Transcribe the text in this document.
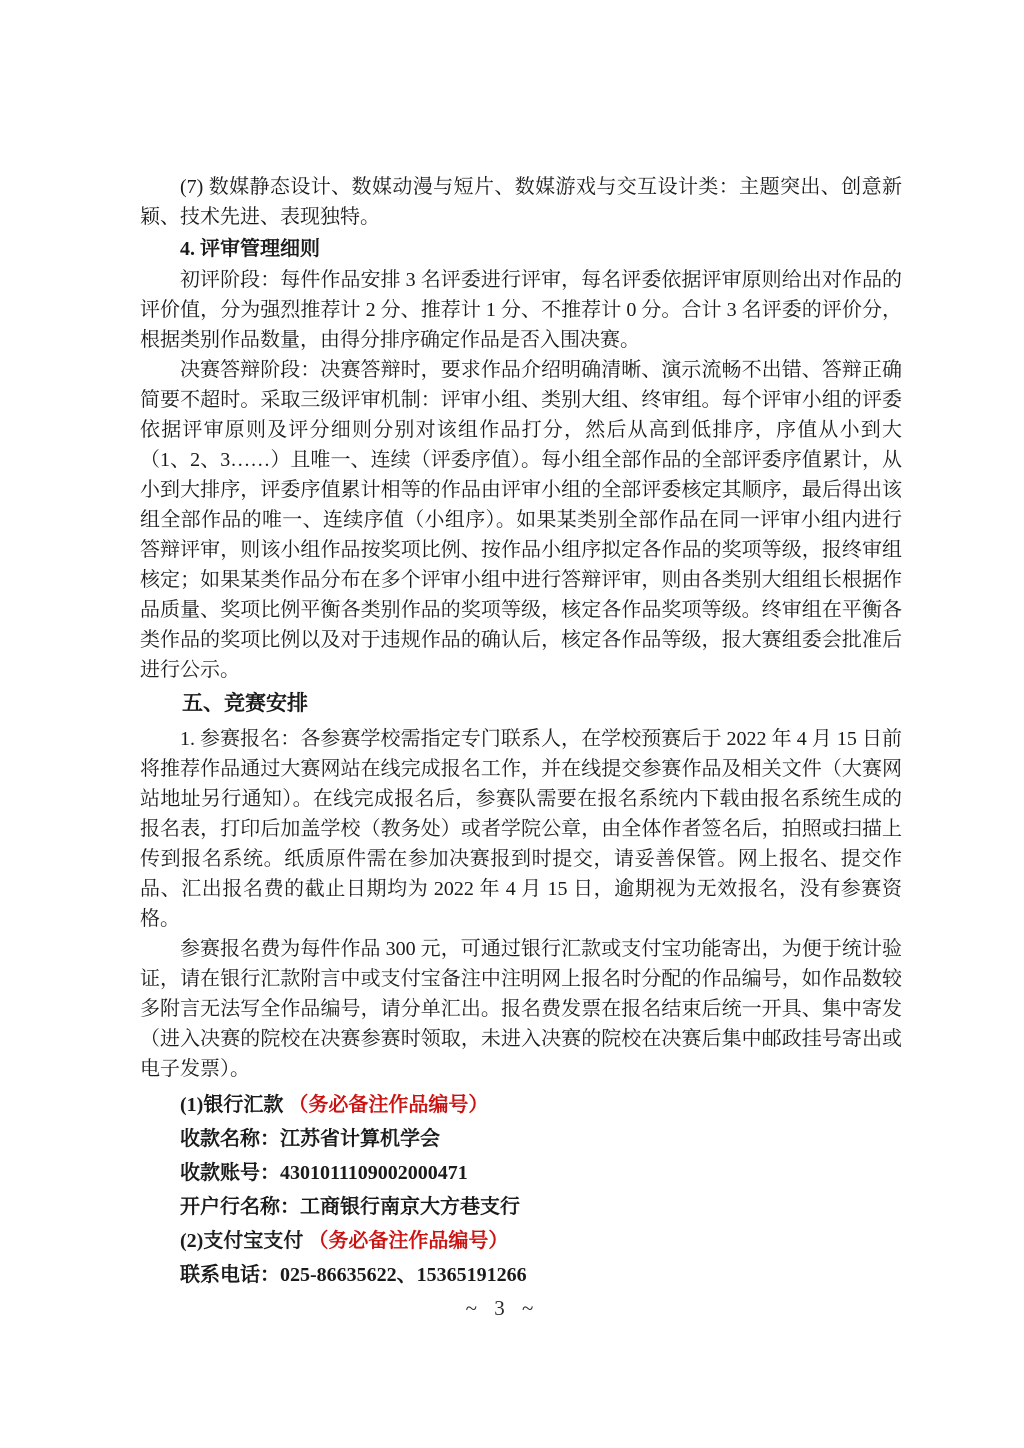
(7) 数媒静态设计、数媒动漫与短片、数媒游戏与交互设计类：主题突出、创意新颖、技术先进、表现独特。

4. 评审管理细则

初评阶段：每件作品安排 3 名评委进行评审，每名评委依据评审原则给出对作品的评价值，分为强烈推荐计 2 分、推荐计 1 分、不推荐计 0 分。合计 3 名评委的评价分，根据类别作品数量，由得分排序确定作品是否入围决赛。

决赛答辩阶段：决赛答辩时，要求作品介绍明确清晰、演示流畅不出错、答辩正确简要不超时。采取三级评审机制：评审小组、类别大组、终审组。每个评审小组的评委依据评审原则及评分细则分别对该组作品打分，然后从高到低排序，序值从小到大（1、2、3……）且唯一、连续（评委序值）。每小组全部作品的全部评委序值累计，从小到大排序，评委序值累计相等的作品由评审小组的全部评委核定其顺序，最后得出该组全部作品的唯一、连续序值（小组序）。如果某类别全部作品在同一评审小组内进行答辩评审，则该小组作品按奖项比例、按作品小组序拟定各作品的奖项等级，报终审组核定；如果某类作品分布在多个评审小组中进行答辩评审，则由各类别大组组长根据作品质量、奖项比例平衡各类别作品的奖项等级，核定各作品奖项等级。终审组在平衡各类作品的奖项比例以及对于违规作品的确认后，核定各作品等级，报大赛组委会批准后进行公示。

五、竞赛安排

1. 参赛报名：各参赛学校需指定专门联系人，在学校预赛后于 2022 年 4 月 15 日前将推荐作品通过大赛网站在线完成报名工作，并在线提交参赛作品及相关文件（大赛网站地址另行通知）。在线完成报名后，参赛队需要在报名系统内下载由报名系统生成的报名表，打印后加盖学校（教务处）或者学院公章，由全体作者签名后，拍照或扫描上传到报名系统。纸质原件需在参加决赛报到时提交，请妥善保管。网上报名、提交作品、汇出报名费的截止日期均为 2022 年 4 月 15 日，逾期视为无效报名，没有参赛资格。

参赛报名费为每件作品 300 元，可通过银行汇款或支付宝功能寄出，为便于统计验证，请在银行汇款附言中或支付宝备注中注明网上报名时分配的作品编号，如作品数较多附言无法写全作品编号，请分单汇出。报名费发票在报名结束后统一开具、集中寄发（进入决赛的院校在决赛参赛时领取，未进入决赛的院校在决赛后集中邮政挂号寄出或电子发票）。

(1)银行汇款 （务必备注作品编号）

收款名称：江苏省计算机学会

收款账号：4301011109002000471

开户行名称：工商银行南京大方巷支行

(2)支付宝支付 （务必备注作品编号）

联系电话：025-86635622、15365191266

~ 3 ~
